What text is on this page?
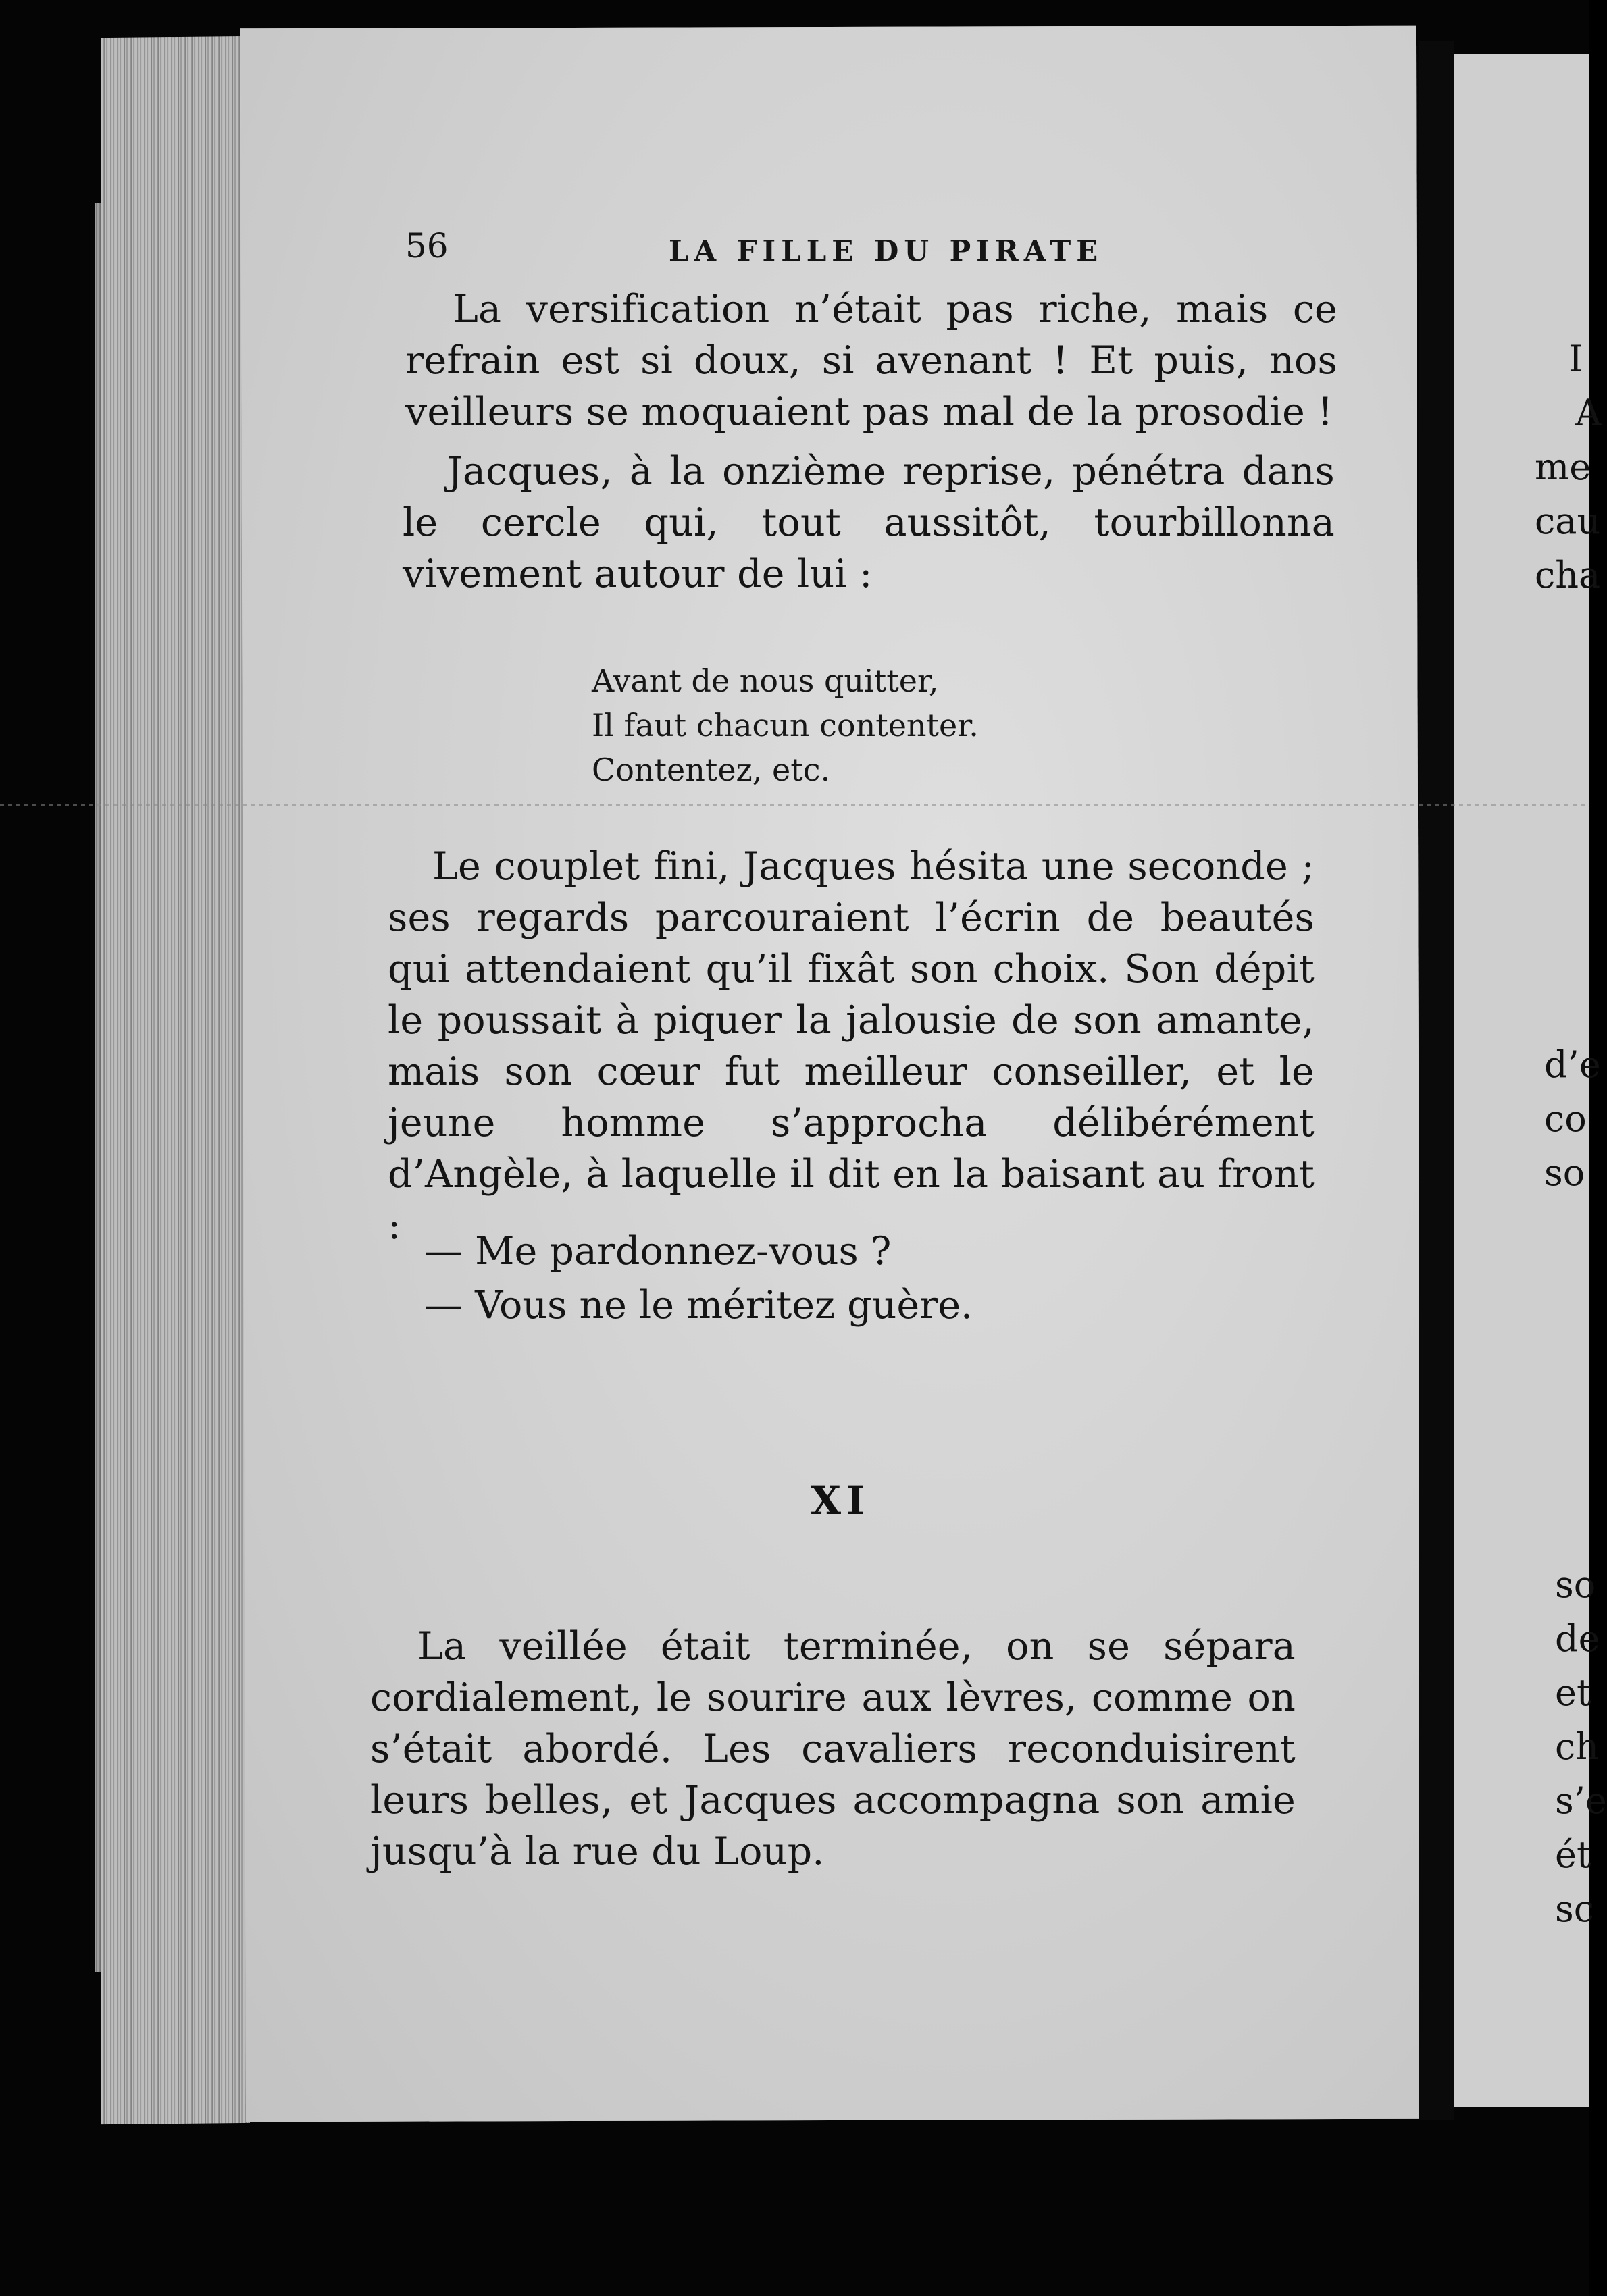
I
A
me
cau
cha
d’e
co
so
so
de
et
ch
s’e
ét
sc
56	LA FILLE DU PIRATE

La versification n’était pas riche, mais ce refrain est si doux, si avenant ! Et puis, nos veilleurs se moquaient pas mal de la prosodie !

Jacques, à la onzième reprise, pénétra dans le cercle qui, tout aussitôt, tourbillonna vivement autour de lui :

Avant de nous quitter,
Il faut chacun contenter.
Contentez, etc.

Le couplet fini, Jacques hésita une seconde ; ses regards parcouraient l’écrin de beautés qui attendaient qu’il fixât son choix. Son dépit le poussait à piquer la jalousie de son amante, mais son cœur fut meilleur conseiller, et le jeune homme s’approcha délibérément d’Angèle, à laquelle il dit en la baisant au front :

— Me pardonnez-vous ?
— Vous ne le méritez guère.
XI

La veillée était terminée, on se sépara cordialement, le sourire aux lèvres, comme on s’était abordé. Les cavaliers reconduisirent leurs belles, et Jacques accompagna son amie jusqu’à la rue du Loup.
